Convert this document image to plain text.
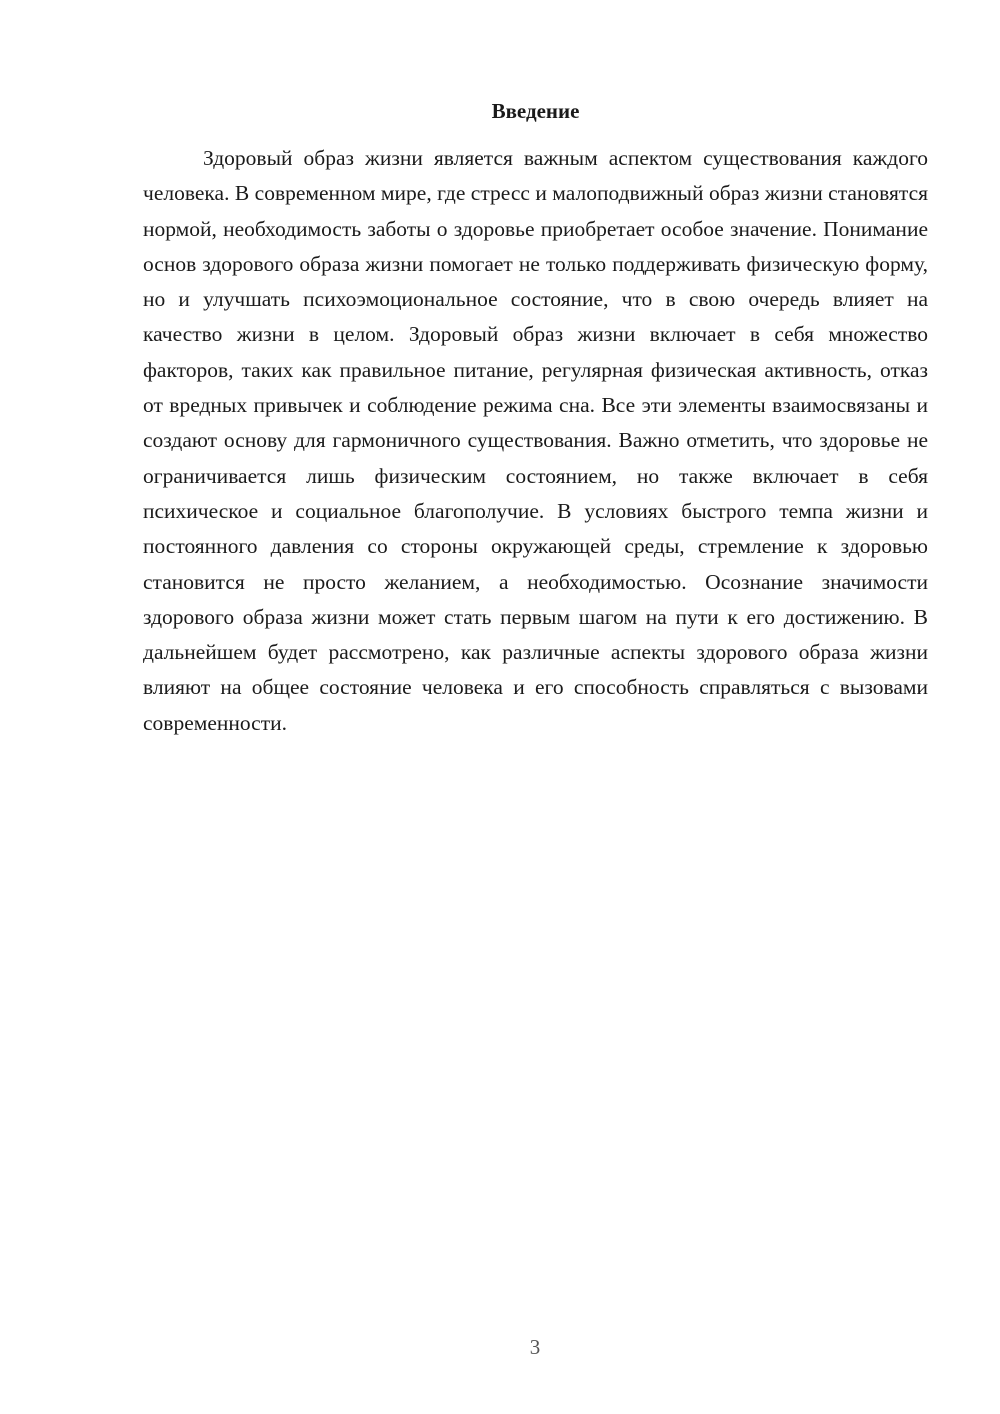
Введение

Здоровый образ жизни является важным аспектом существования каждого человека. В современном мире, где стресс и малоподвижный образ жизни становятся нормой, необходимость заботы о здоровье приобретает особое значение. Понимание основ здорового образа жизни помогает не только поддерживать физическую форму, но и улучшать психоэмоциональное состояние, что в свою очередь влияет на качество жизни в целом. Здоровый образ жизни включает в себя множество факторов, таких как правильное питание, регулярная физическая активность, отказ от вредных привычек и соблюдение режима сна. Все эти элементы взаимосвязаны и создают основу для гармоничного существования. Важно отметить, что здоровье не ограничивается лишь физическим состоянием, но также включает в себя психическое и социальное благополучие. В условиях быстрого темпа жизни и постоянного давления со стороны окружающей среды, стремление к здоровью становится не просто желанием, а необходимостью. Осознание значимости здорового образа жизни может стать первым шагом на пути к его достижению. В дальнейшем будет рассмотрено, как различные аспекты здорового образа жизни влияют на общее состояние человека и его способность справляться с вызовами современности.

3
